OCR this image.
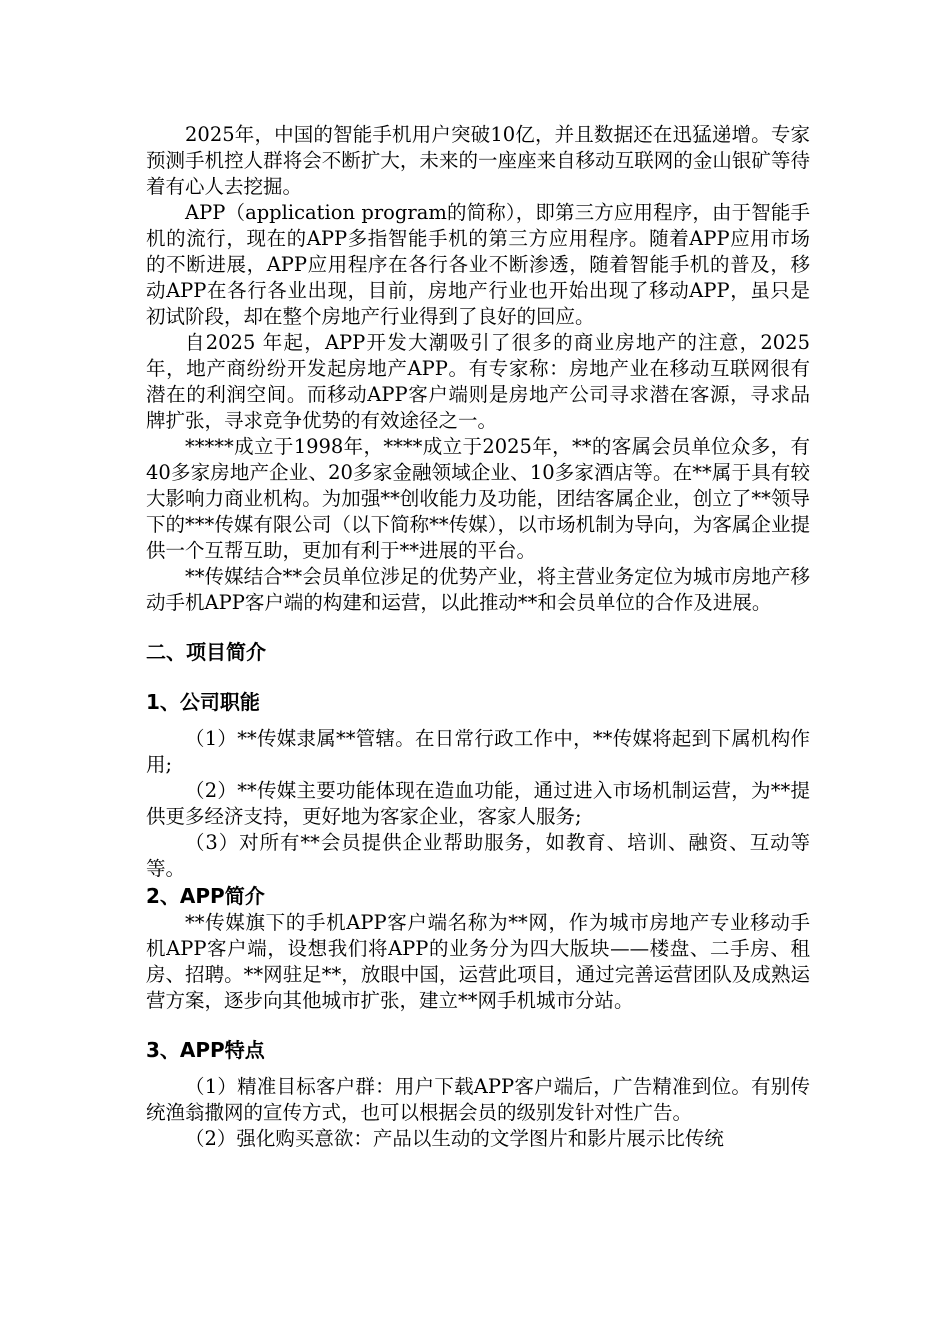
2025年，中国的智能手机用户突破10亿，并且数据还在迅猛递增。专家预测手机控人群将会不断扩大，未来的一座座来自移动互联网的金山银矿等待着有心人去挖掘。

APP（application program的简称），即第三方应用程序，由于智能手机的流行，现在的APP多指智能手机的第三方应用程序。随着APP应用市场的不断进展，APP应用程序在各行各业不断渗透，随着智能手机的普及，移动APP在各行各业出现，目前，房地产行业也开始出现了移动APP，虽只是初试阶段，却在整个房地产行业得到了良好的回应。

自2025 年起，APP开发大潮吸引了很多的商业房地产的注意，2025年，地产商纷纷开发起房地产APP。有专家称：房地产业在移动互联网很有潜在的利润空间。而移动APP客户端则是房地产公司寻求潜在客源，寻求品牌扩张，寻求竞争优势的有效途径之一。

*****成立于1998年，****成立于2025年，**的客属会员单位众多，有40多家房地产企业、20多家金融领域企业、10多家酒店等。在**属于具有较大影响力商业机构。为加强**创收能力及功能，团结客属企业，创立了**领导下的***传媒有限公司（以下简称**传媒），以市场机制为导向，为客属企业提供一个互帮互助，更加有利于**进展的平台。

**传媒结合**会员单位涉足的优势产业，将主营业务定位为城市房地产移动手机APP客户端的构建和运营，以此推动**和会员单位的合作及进展。

二、项目简介
1、公司职能

（1）**传媒隶属**管辖。在日常行政工作中，**传媒将起到下属机构作用;

（2）**传媒主要功能体现在造血功能，通过进入市场机制运营，为**提供更多经济支持，更好地为客家企业，客家人服务;

（3）对所有**会员提供企业帮助服务，如教育、培训、融资、互动等等。

2、APP简介

**传媒旗下的手机APP客户端名称为**网，作为城市房地产专业移动手机APP客户端，设想我们将APP的业务分为四大版块——楼盘、二手房、租房、招聘。**网驻足**，放眼中国，运营此项目，通过完善运营团队及成熟运营方案，逐步向其他城市扩张，建立**网手机城市分站。

3、APP特点

（1）精准目标客户群：用户下载APP客户端后，广告精准到位。有别传统渔翁撒网的宣传方式，也可以根据会员的级别发针对性广告。

（2）强化购买意欲：产品以生动的文学图片和影片展示比传统
